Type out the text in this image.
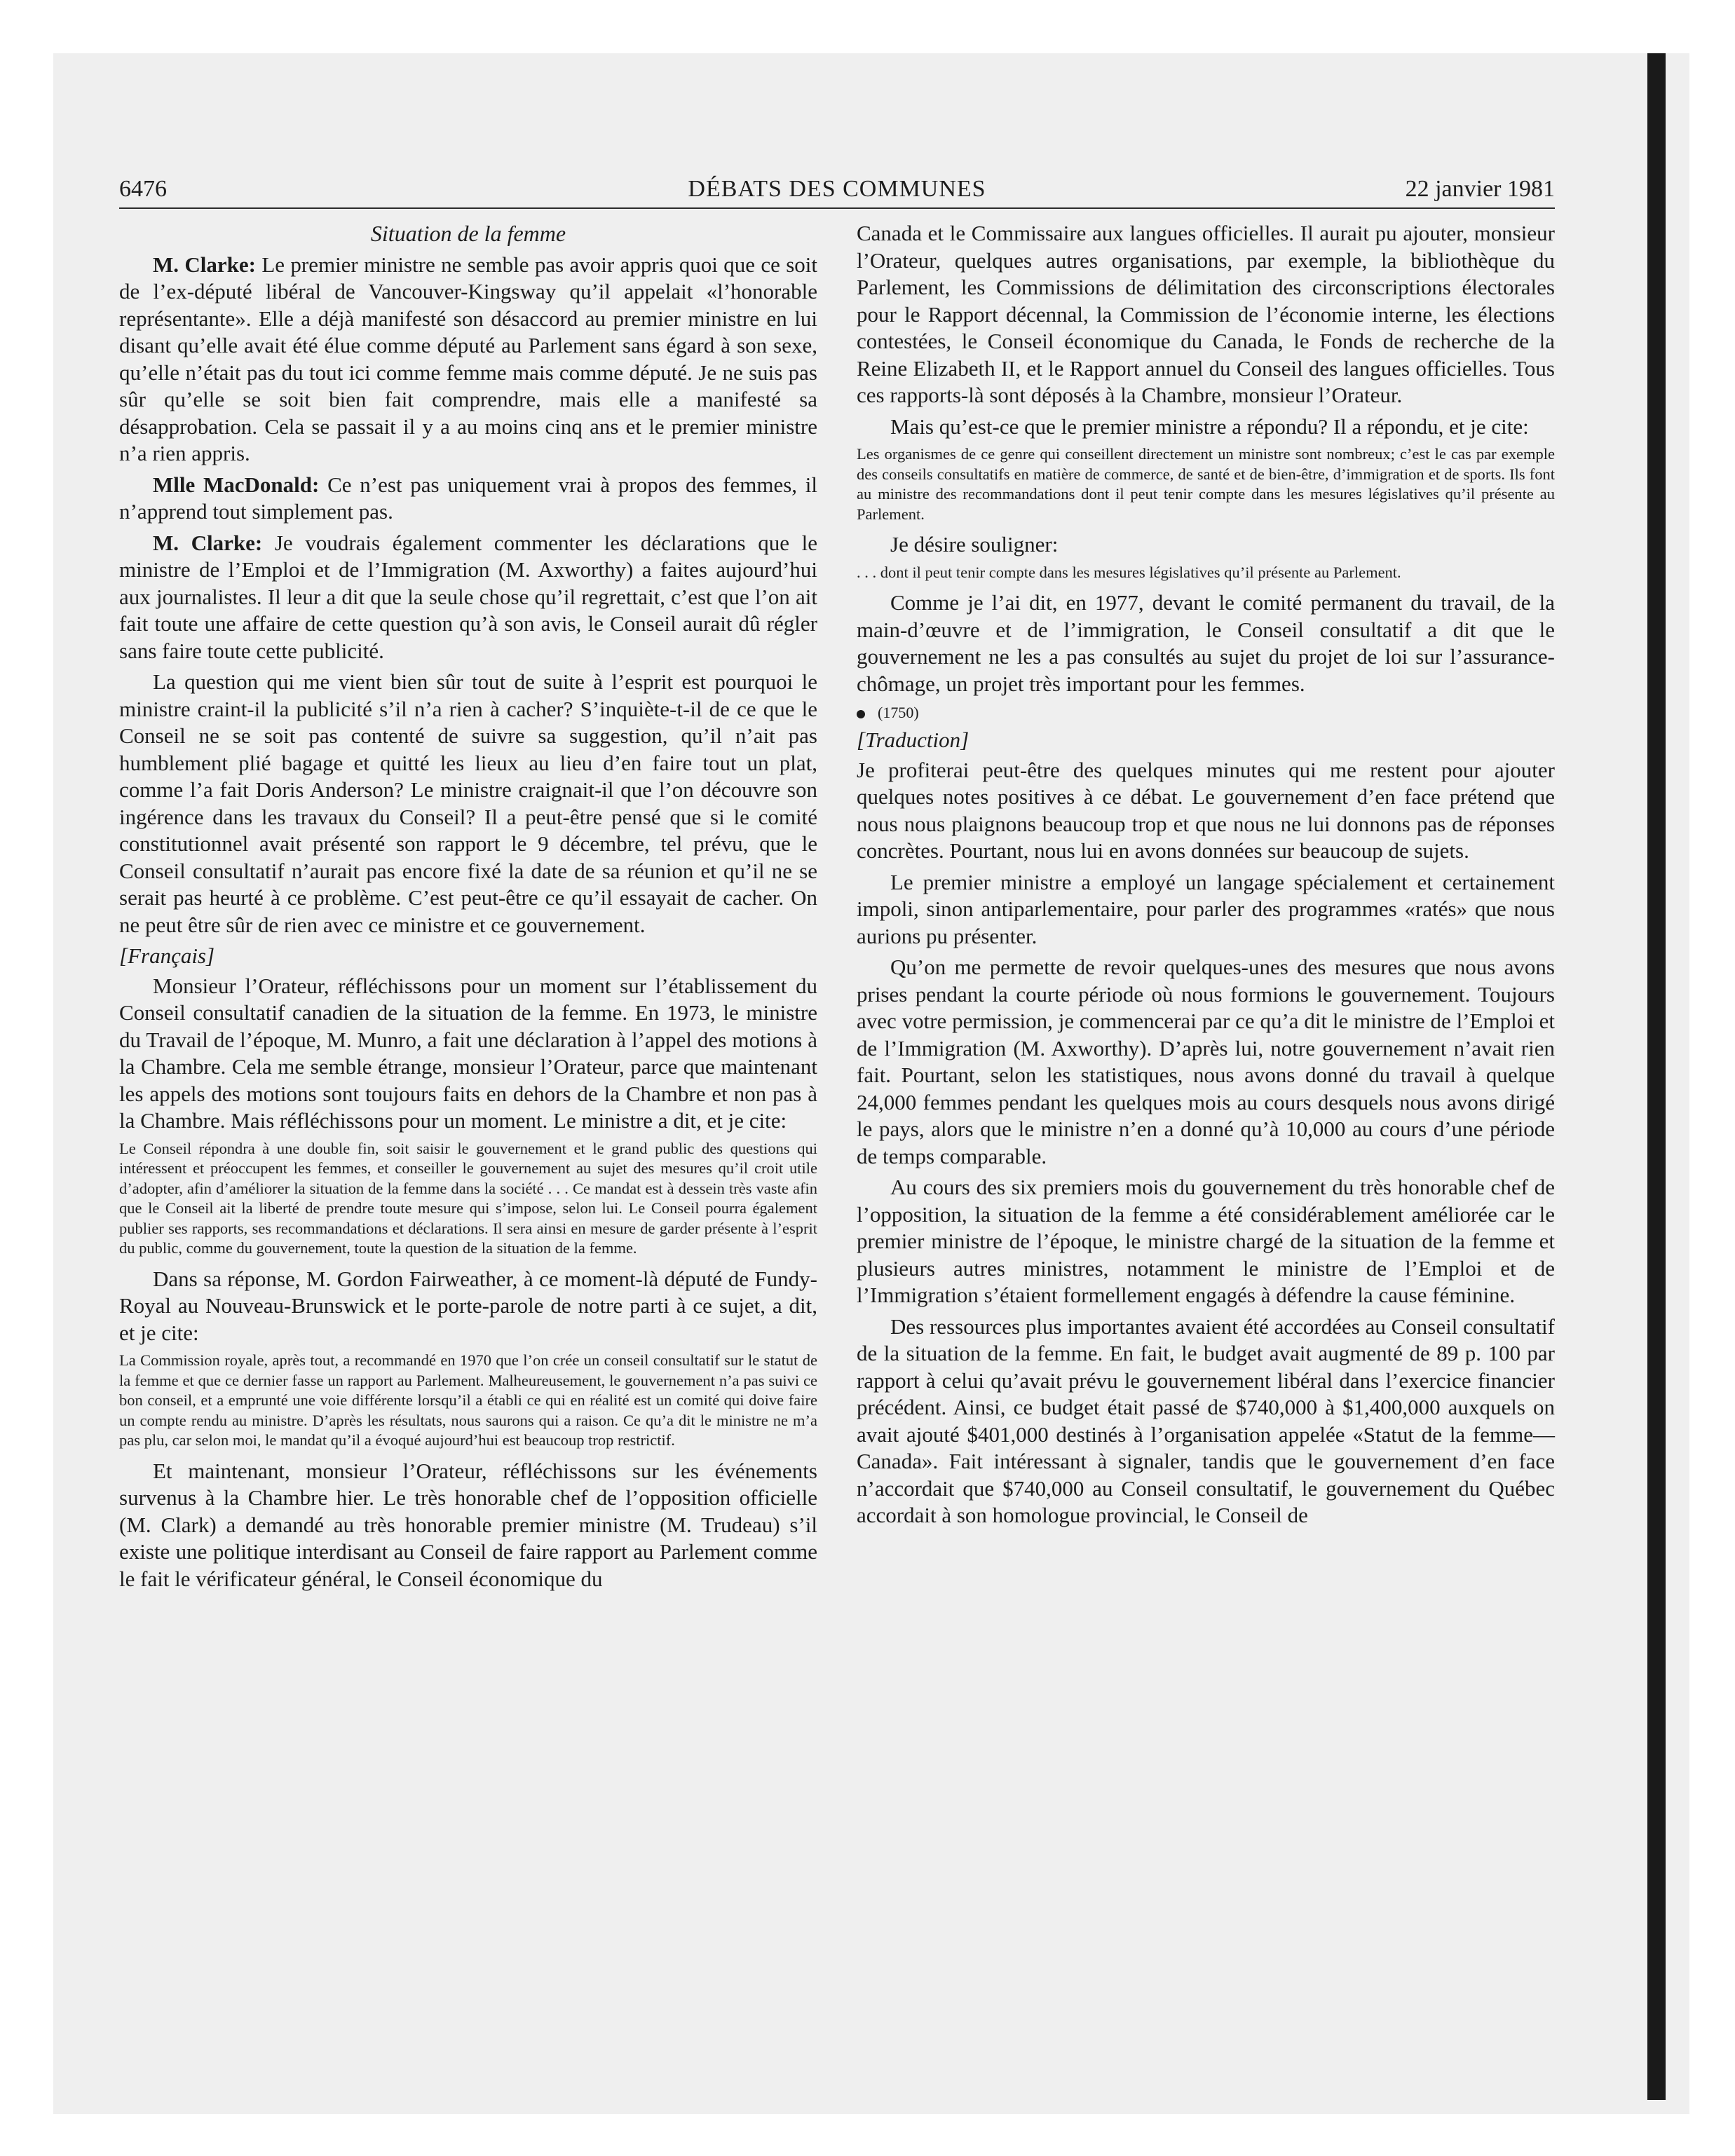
6476	DÉBATS DES COMMUNES	22 janvier 1981

Situation de la femme

M. Clarke: Le premier ministre ne semble pas avoir appris quoi que ce soit de l’ex-député libéral de Vancouver-Kingsway qu’il appelait «l’honorable représentante». Elle a déjà manifesté son désaccord au premier ministre en lui disant qu’elle avait été élue comme député au Parlement sans égard à son sexe, qu’elle n’était pas du tout ici comme femme mais comme député. Je ne suis pas sûr qu’elle se soit bien fait comprendre, mais elle a manifesté sa désapprobation. Cela se passait il y a au moins cinq ans et le premier ministre n’a rien appris.

Mlle MacDonald: Ce n’est pas uniquement vrai à propos des femmes, il n’apprend tout simplement pas.

M. Clarke: Je voudrais également commenter les déclarations que le ministre de l’Emploi et de l’Immigration (M. Axworthy) a faites aujourd’hui aux journalistes. Il leur a dit que la seule chose qu’il regrettait, c’est que l’on ait fait toute une affaire de cette question qu’à son avis, le Conseil aurait dû régler sans faire toute cette publicité.

La question qui me vient bien sûr tout de suite à l’esprit est pourquoi le ministre craint-il la publicité s’il n’a rien à cacher? S’inquiète-t-il de ce que le Conseil ne se soit pas contenté de suivre sa suggestion, qu’il n’ait pas humblement plié bagage et quitté les lieux au lieu d’en faire tout un plat, comme l’a fait Doris Anderson? Le ministre craignait-il que l’on découvre son ingérence dans les travaux du Conseil? Il a peut-être pensé que si le comité constitutionnel avait présenté son rapport le 9 décembre, tel prévu, que le Conseil consultatif n’aurait pas encore fixé la date de sa réunion et qu’il ne se serait pas heurté à ce problème. C’est peut-être ce qu’il essayait de cacher. On ne peut être sûr de rien avec ce ministre et ce gouvernement.

[Français]

Monsieur l’Orateur, réfléchissons pour un moment sur l’établissement du Conseil consultatif canadien de la situation de la femme. En 1973, le ministre du Travail de l’époque, M. Munro, a fait une déclaration à l’appel des motions à la Chambre. Cela me semble étrange, monsieur l’Orateur, parce que maintenant les appels des motions sont toujours faits en dehors de la Chambre et non pas à la Chambre. Mais réfléchissons pour un moment. Le ministre a dit, et je cite:

Le Conseil répondra à une double fin, soit saisir le gouvernement et le grand public des questions qui intéressent et préoccupent les femmes, et conseiller le gouvernement au sujet des mesures qu’il croit utile d’adopter, afin d’améliorer la situation de la femme dans la société . . . Ce mandat est à dessein très vaste afin que le Conseil ait la liberté de prendre toute mesure qui s’impose, selon lui. Le Conseil pourra également publier ses rapports, ses recommandations et déclarations. Il sera ainsi en mesure de garder présente à l’esprit du public, comme du gouvernement, toute la question de la situation de la femme.

Dans sa réponse, M. Gordon Fairweather, à ce moment-là député de Fundy-Royal au Nouveau-Brunswick et le porte-parole de notre parti à ce sujet, a dit, et je cite:

La Commission royale, après tout, a recommandé en 1970 que l’on crée un conseil consultatif sur le statut de la femme et que ce dernier fasse un rapport au Parlement. Malheureusement, le gouvernement n’a pas suivi ce bon conseil, et a emprunté une voie différente lorsqu’il a établi ce qui en réalité est un comité qui doive faire un compte rendu au ministre. D’après les résultats, nous saurons qui a raison. Ce qu’a dit le ministre ne m’a pas plu, car selon moi, le mandat qu’il a évoqué aujourd’hui est beaucoup trop restrictif.

Et maintenant, monsieur l’Orateur, réfléchissons sur les événements survenus à la Chambre hier. Le très honorable chef de l’opposition officielle (M. Clark) a demandé au très honorable premier ministre (M. Trudeau) s’il existe une politique interdisant au Conseil de faire rapport au Parlement comme le fait le vérificateur général, le Conseil économique du

Canada et le Commissaire aux langues officielles. Il aurait pu ajouter, monsieur l’Orateur, quelques autres organisations, par exemple, la bibliothèque du Parlement, les Commissions de délimitation des circonscriptions électorales pour le Rapport décennal, la Commission de l’économie interne, les élections contestées, le Conseil économique du Canada, le Fonds de recherche de la Reine Elizabeth II, et le Rapport annuel du Conseil des langues officielles. Tous ces rapports-là sont déposés à la Chambre, monsieur l’Orateur.

Mais qu’est-ce que le premier ministre a répondu? Il a répondu, et je cite:

Les organismes de ce genre qui conseillent directement un ministre sont nombreux; c’est le cas par exemple des conseils consultatifs en matière de commerce, de santé et de bien-être, d’immigration et de sports. Ils font au ministre des recommandations dont il peut tenir compte dans les mesures législatives qu’il présente au Parlement.

Je désire souligner:

. . . dont il peut tenir compte dans les mesures législatives qu’il présente au Parlement.

Comme je l’ai dit, en 1977, devant le comité permanent du travail, de la main-d’œuvre et de l’immigration, le Conseil consultatif a dit que le gouvernement ne les a pas consultés au sujet du projet de loi sur l’assurance-chômage, un projet très important pour les femmes.

(1750)

[Traduction]

Je profiterai peut-être des quelques minutes qui me restent pour ajouter quelques notes positives à ce débat. Le gouvernement d’en face prétend que nous nous plaignons beaucoup trop et que nous ne lui donnons pas de réponses concrètes. Pourtant, nous lui en avons données sur beaucoup de sujets.

Le premier ministre a employé un langage spécialement et certainement impoli, sinon antiparlementaire, pour parler des programmes «ratés» que nous aurions pu présenter.

Qu’on me permette de revoir quelques-unes des mesures que nous avons prises pendant la courte période où nous formions le gouvernement. Toujours avec votre permission, je commencerai par ce qu’a dit le ministre de l’Emploi et de l’Immigration (M. Axworthy). D’après lui, notre gouvernement n’avait rien fait. Pourtant, selon les statistiques, nous avons donné du travail à quelque 24,000 femmes pendant les quelques mois au cours desquels nous avons dirigé le pays, alors que le ministre n’en a donné qu’à 10,000 au cours d’une période de temps comparable.

Au cours des six premiers mois du gouvernement du très honorable chef de l’opposition, la situation de la femme a été considérablement améliorée car le premier ministre de l’époque, le ministre chargé de la situation de la femme et plusieurs autres ministres, notamment le ministre de l’Emploi et de l’Immigration s’étaient formellement engagés à défendre la cause féminine.

Des ressources plus importantes avaient été accordées au Conseil consultatif de la situation de la femme. En fait, le budget avait augmenté de 89 p. 100 par rapport à celui qu’avait prévu le gouvernement libéral dans l’exercice financier précédent. Ainsi, ce budget était passé de $740,000 à $1,400,000 auxquels on avait ajouté $401,000 destinés à l’organisation appelée «Statut de la femme—Canada». Fait intéressant à signaler, tandis que le gouvernement d’en face n’accordait que $740,000 au Conseil consultatif, le gouvernement du Québec accordait à son homologue provincial, le Conseil de
